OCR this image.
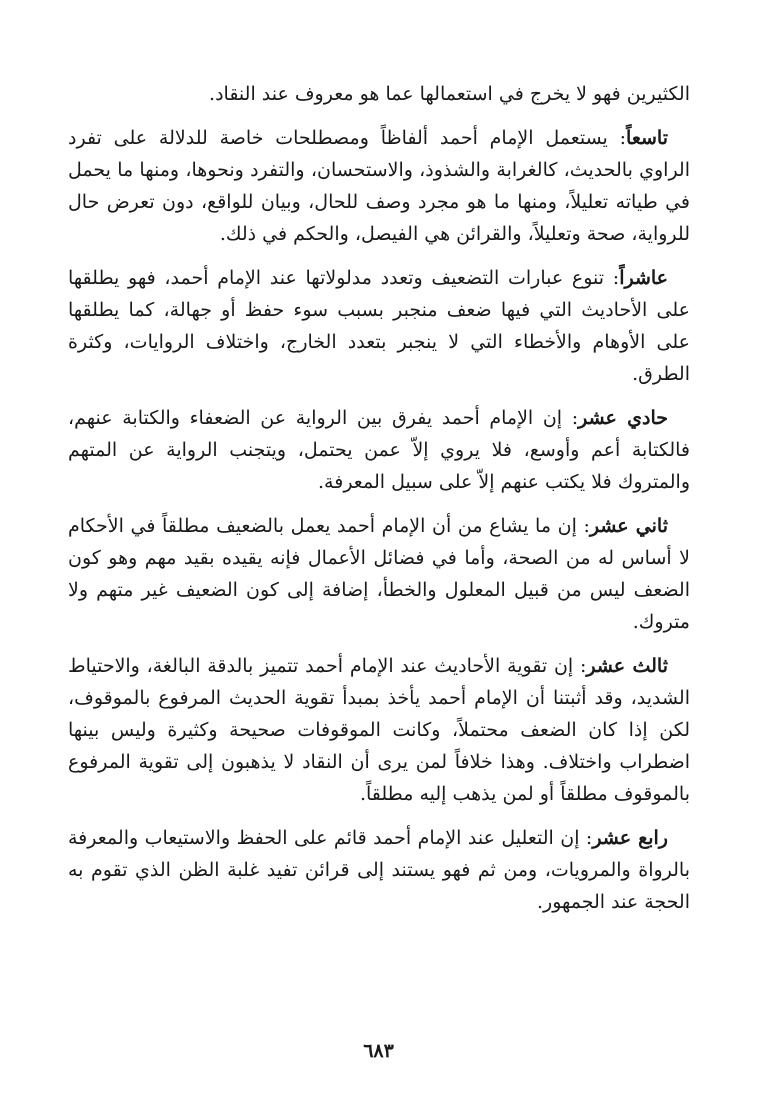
الكثيرين فهو لا يخرج في استعمالها عما هو معروف عند النقاد.

تاسعاً: يستعمل الإمام أحمد ألفاظاً ومصطلحات خاصة للدلالة على تفرد الراوي بالحديث، كالغرابة والشذوذ، والاستحسان، والتفرد ونحوها، ومنها ما يحمل في طياته تعليلاً، ومنها ما هو مجرد وصف للحال، وبيان للواقع، دون تعرض حال للرواية، صحة وتعليلاً، والقرائن هي الفيصل، والحكم في ذلك.

عاشراً: تنوع عبارات التضعيف وتعدد مدلولاتها عند الإمام أحمد، فهو يطلقها على الأحاديث التي فيها ضعف منجبر بسبب سوء حفظ أو جهالة، كما يطلقها على الأوهام والأخطاء التي لا ينجبر بتعدد الخارج، واختلاف الروايات، وكثرة الطرق.

حادي عشر: إن الإمام أحمد يفرق بين الرواية عن الضعفاء والكتابة عنهم، فالكتابة أعم وأوسع، فلا يروي إلاّ عمن يحتمل، ويتجنب الرواية عن المتهم والمتروك فلا يكتب عنهم إلاّ على سبيل المعرفة.

ثاني عشر: إن ما يشاع من أن الإمام أحمد يعمل بالضعيف مطلقاً في الأحكام لا أساس له من الصحة، وأما في فضائل الأعمال فإنه يقيده بقيد مهم وهو كون الضعف ليس من قبيل المعلول والخطأ، إضافة إلى كون الضعيف غير متهم ولا متروك.

ثالث عشر: إن تقوية الأحاديث عند الإمام أحمد تتميز بالدقة البالغة، والاحتياط الشديد، وقد أثبتنا أن الإمام أحمد يأخذ بمبدأ تقوية الحديث المرفوع بالموقوف، لكن إذا كان الضعف محتملاً، وكانت الموقوفات صحيحة وكثيرة وليس بينها اضطراب واختلاف. وهذا خلافاً لمن يرى أن النقاد لا يذهبون إلى تقوية المرفوع بالموقوف مطلقاً أو لمن يذهب إليه مطلقاً.

رابع عشر: إن التعليل عند الإمام أحمد قائم على الحفظ والاستيعاب والمعرفة بالرواة والمرويات، ومن ثم فهو يستند إلى قرائن تفيد غلبة الظن الذي تقوم به الحجة عند الجمهور.

٦٨٣
